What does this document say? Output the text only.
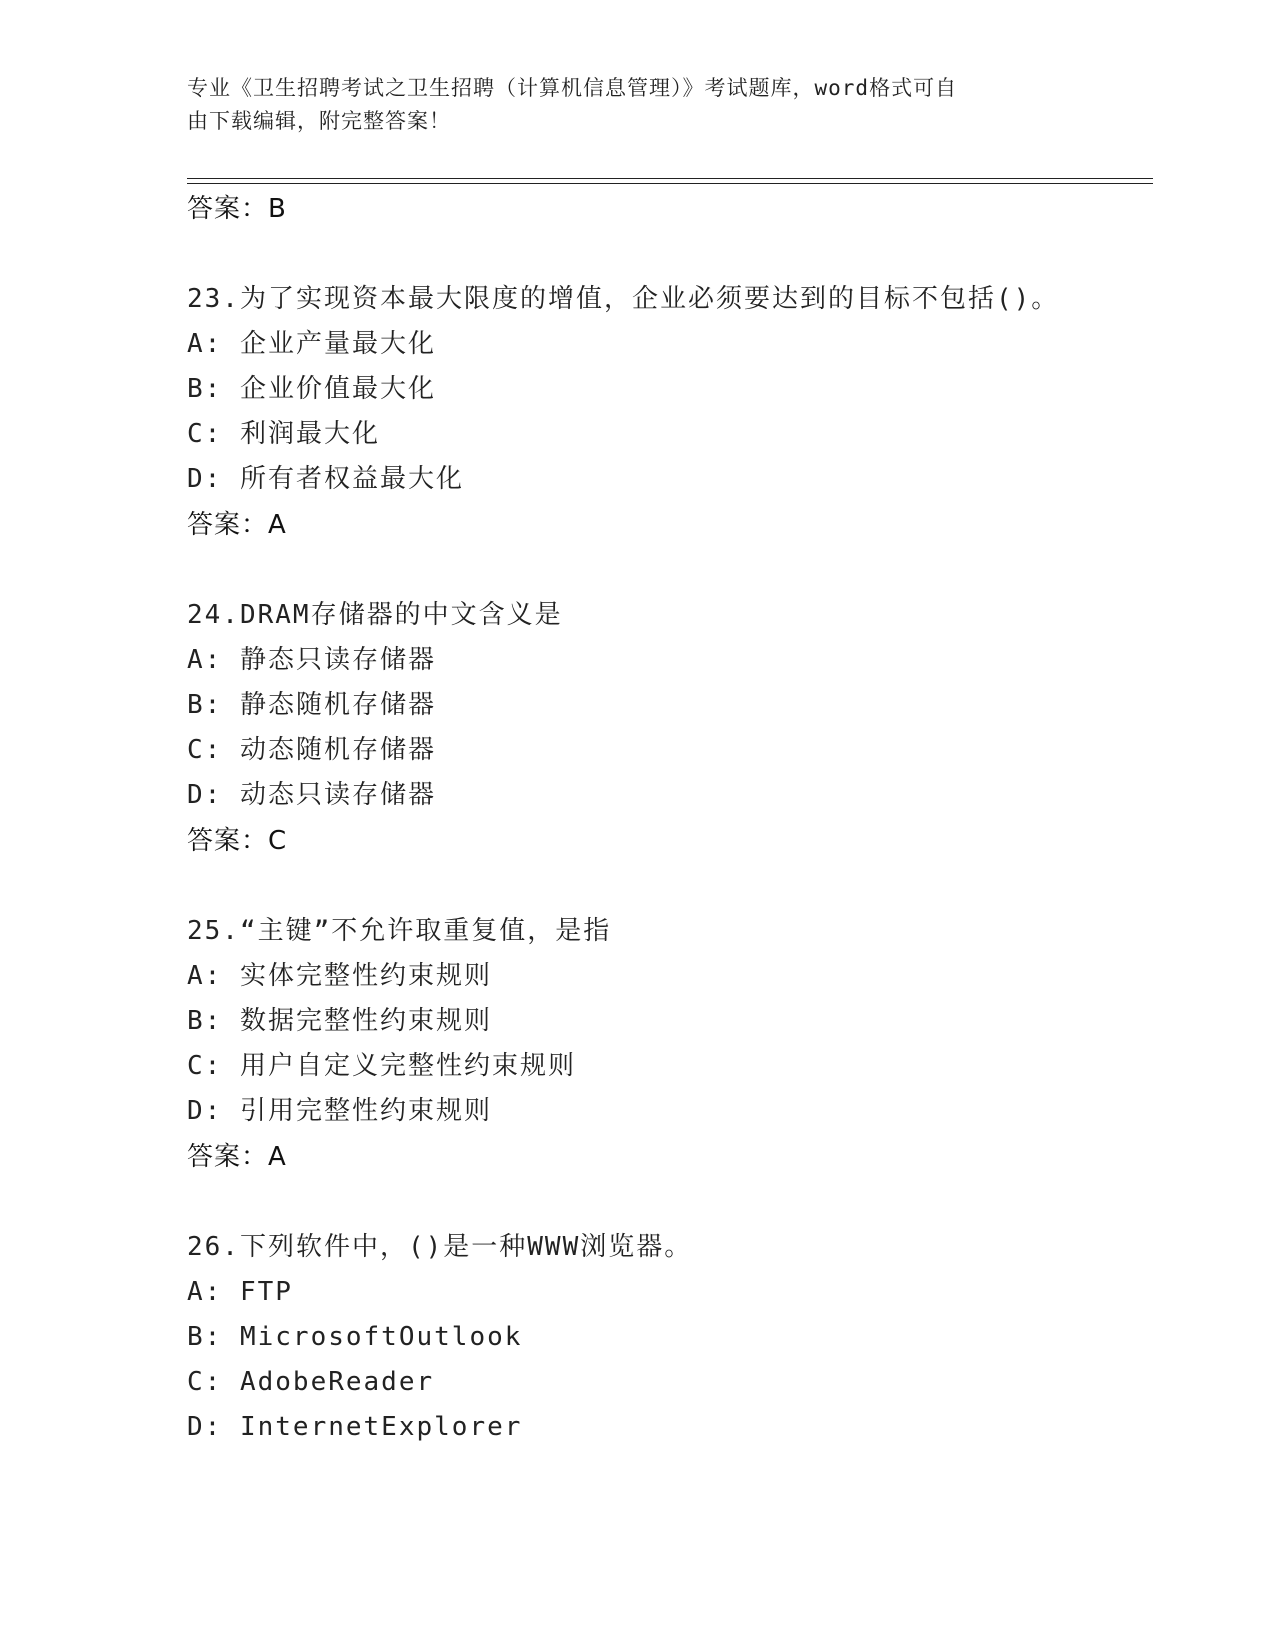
专业《卫生招聘考试之卫生招聘（计算机信息管理）》考试题库，word格式可自
由下载编辑，附完整答案！
答案：B
23.为了实现资本最大限度的增值，企业必须要达到的目标不包括()。
A: 企业产量最大化
B: 企业价值最大化
C: 利润最大化
D: 所有者权益最大化
答案：A
24.DRAM存储器的中文含义是
A: 静态只读存储器
B: 静态随机存储器
C: 动态随机存储器
D: 动态只读存储器
答案：C
25.“主键”不允许取重复值，是指
A: 实体完整性约束规则
B: 数据完整性约束规则
C: 用户自定义完整性约束规则
D: 引用完整性约束规则
答案：A
26.下列软件中，()是一种WWW浏览器。
A: FTP
B: MicrosoftOutlook
C: AdobeReader
D: InternetExplorer
